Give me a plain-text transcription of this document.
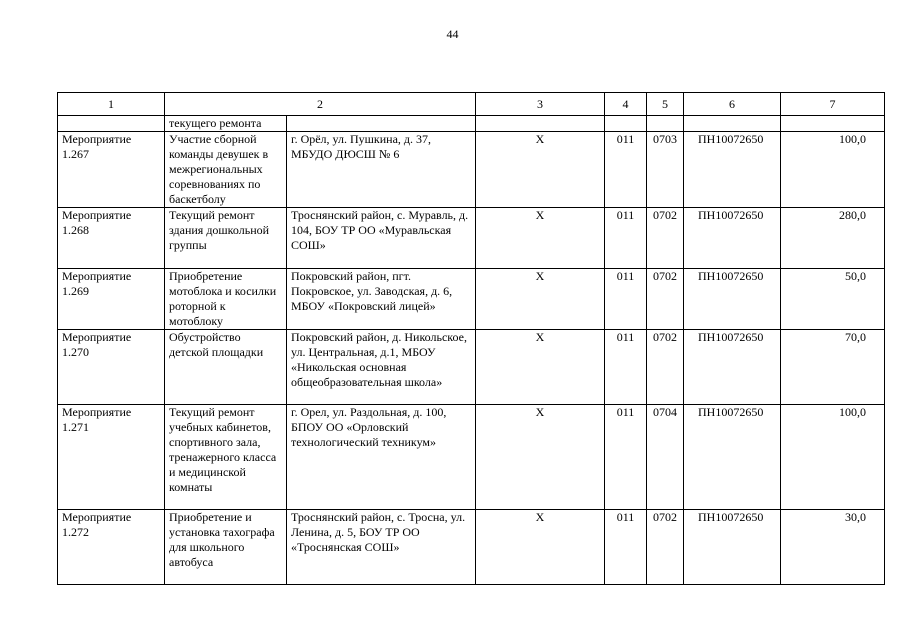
44
1	2		3	4	5	6	7
	текущего ремонта						
Мероприятие 1.267	Участие сборной команды девушек в межрегиональных соревнованиях по баскетболу	г. Орёл, ул. Пушкина, д. 37, МБУДО ДЮСШ № 6	Х	011	0703	ПН10072650	100,0
Мероприятие 1.268	Текущий ремонт здания дошкольной группы	Троснянский район, с. Муравль, д. 104, БОУ ТР ОО «Муравльская СОШ»	Х	011	0702	ПН10072650	280,0
Мероприятие 1.269	Приобретение мотоблока и косилки роторной к мотоблоку	Покровский район, пгт. Покровское, ул. Заводская, д. 6, МБОУ «Покровский лицей»	Х	011	0702	ПН10072650	50,0
Мероприятие 1.270	Обустройство детской площадки	Покровский район, д. Никольское, ул. Центральная, д.1, МБОУ «Никольская основная общеобразовательная школа»	Х	011	0702	ПН10072650	70,0
Мероприятие 1.271	Текущий ремонт учебных кабинетов, спортивного зала, тренажерного класса и медицинской комнаты	г. Орел, ул. Раздольная, д. 100, БПОУ ОО «Орловский технологический техникум»	Х	011	0704	ПН10072650	100,0
Мероприятие 1.272	Приобретение и установка тахографа для школьного автобуса	Троснянский район, с. Тросна, ул. Ленина, д. 5, БОУ ТР ОО «Троснянская СОШ»	Х	011	0702	ПН10072650	30,0
